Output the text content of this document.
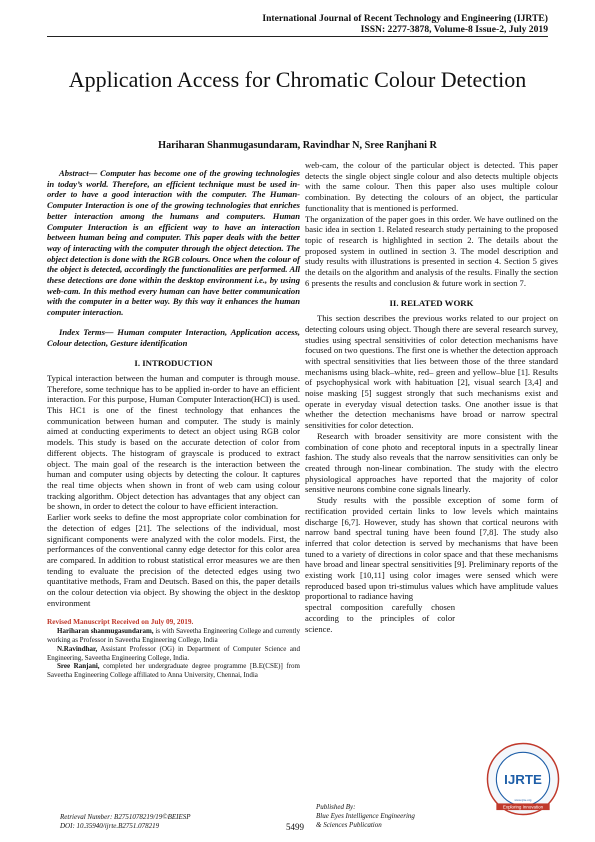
International Journal of Recent Technology and Engineering (IJRTE)
ISSN: 2277-3878, Volume-8 Issue-2, July 2019
Application Access for Chromatic Colour Detection
Hariharan Shanmugasundaram, Ravindhar N, Sree Ranjhani R

Abstract— Computer has become one of the growing technologies in today’s world. Therefore, an efficient technique must be used in-order to have a good interaction with the computer. The Human-Computer Interaction is one of the growing technologies that enriches better interaction among the humans and computers. Human Computer Interaction is an efficient way to have an interaction between human being and computer. This paper deals with the better way of interacting with the computer through the object detection. The object detection is done with the RGB colours. Once when the colour of the object is detected, accordingly the functionalities are performed. All these detections are done within the desktop environment i.e., by using web-cam. In this method every human can have better communication with the computer in a better way. By this way it enhances the human computer interaction.

Index Terms— Human computer Interaction, Application access, Colour detection, Gesture identification

I. INTRODUCTION

Typical interaction between the human and computer is through mouse. Therefore, some technique has to be applied in-order to have an efficient interaction. For this purpose, Human Computer Interaction(HCI) is used. This HC1 is one of the finest technology that enhances the communication between human and computer. The study is mainly aimed at conducting experiments to detect an object using RGB color models. This study is based on the accurate detection of color from different objects. The histogram of grayscale is produced to extract object. The main goal of the research is the interaction between the human and computer using objects by detecting the colour. It captures the real time objects when shown in front of web cam using colour tracking algorithm. Object detection has advantages that any object can be shown, in order to detect the colour to have efficient interaction.

Earlier work seeks to define the most appropriate color combination for the detection of edges [21]. The selections of the individual, most significant components were analyzed with the color models. First, the performances of the conventional canny edge detector for this color area are compared. In addition to robust statistical error measures we are then tending to evaluate the precision of the detected edges using two quantitative methods, Fram and Deutsch. Based on this, the paper details on the colour detection via object. By showing the object in the desktop environment

Revised Manuscript Received on July 09, 2019.
Hariharan shanmugasundaram, is with Saveetha Engineering College and currently working as Professor in Saveetha Engineering College, India
N.Ravindhar, Assistant Professor (OG) in Department of Computer Science and Engineering, Saveetha Engineering College, India.
Sree Ranjani, completed her undergraduate degree programme [B.E(CSE)] from Saveetha Engineering College affiliated to Anna University, Chennai, India

web-cam, the colour of the particular object is detected. This paper detects the single object single colour and also detects multiple objects with the same colour. Then this paper also uses multiple colour combination. By detecting the colours of an object, the particular functionality that is mentioned is performed.

The organization of the paper goes in this order. We have outlined on the basic idea in section 1. Related research study pertaining to the proposed topic of research is highlighted in section 2. The details about the proposed system in outlined in section 3. The model description and study results with illustrations is presented in section 4. Section 5 gives the details on the algorithm and analysis of the results. Finally the section 6 presents the results and conclusion & future work in section 7.

II. RELATED WORK

This section describes the previous works related to our project on detecting colours using object. Though there are several research survey, studies using spectral sensitivities of color detection mechanisms have focused on two questions. The first one is whether the detection approach with spectral sensitivities that lies between those of the three standard mechanisms using black–white, red– green and yellow–blue [1]. Results of psychophysical work with habituation [2], visual search [3,4] and noise masking [5] suggest strongly that such mechanisms exist and operate in everyday visual detection tasks. One another issue is that whether the detection mechanisms have broad or narrow spectral sensitivities for color detection.

Research with broader sensitivity are more consistent with the combination of cone photo and receptoral inputs in a spectrally linear fashion. The study also reveals that the narrow sensitivities can only be created through non-linear combination. The study with the electro physiological approaches have reported that the majority of color sensitive neurons combine cone signals linearly.

Study results with the possible exception of some form of rectification provided certain links to low levels which maintains discharge [6,7]. However, study has shown that cortical neurons with narrow band spectral tuning have been found [7,8]. The study also inferred that color detection is served by mechanisms that have been tuned to a variety of directions in color space and that these mechanisms have broad and linear spectral sensitivities [9]. Preliminary reports of the existing work [10,11] using color images were sensed which were reproduced based upon tri-stimulus values which have amplitude values proportional to radiance having

spectral composition carefully chosen according to the principles of color science.

IJRTE
Exploring Innovation
www.ijrte.org
Retrieval Number: B2751078219/19©BEIESP
DOI: 10.35940/ijrte.B2751.078219	5499
Published By:
Blue Eyes Intelligence Engineering
& Sciences Publication
